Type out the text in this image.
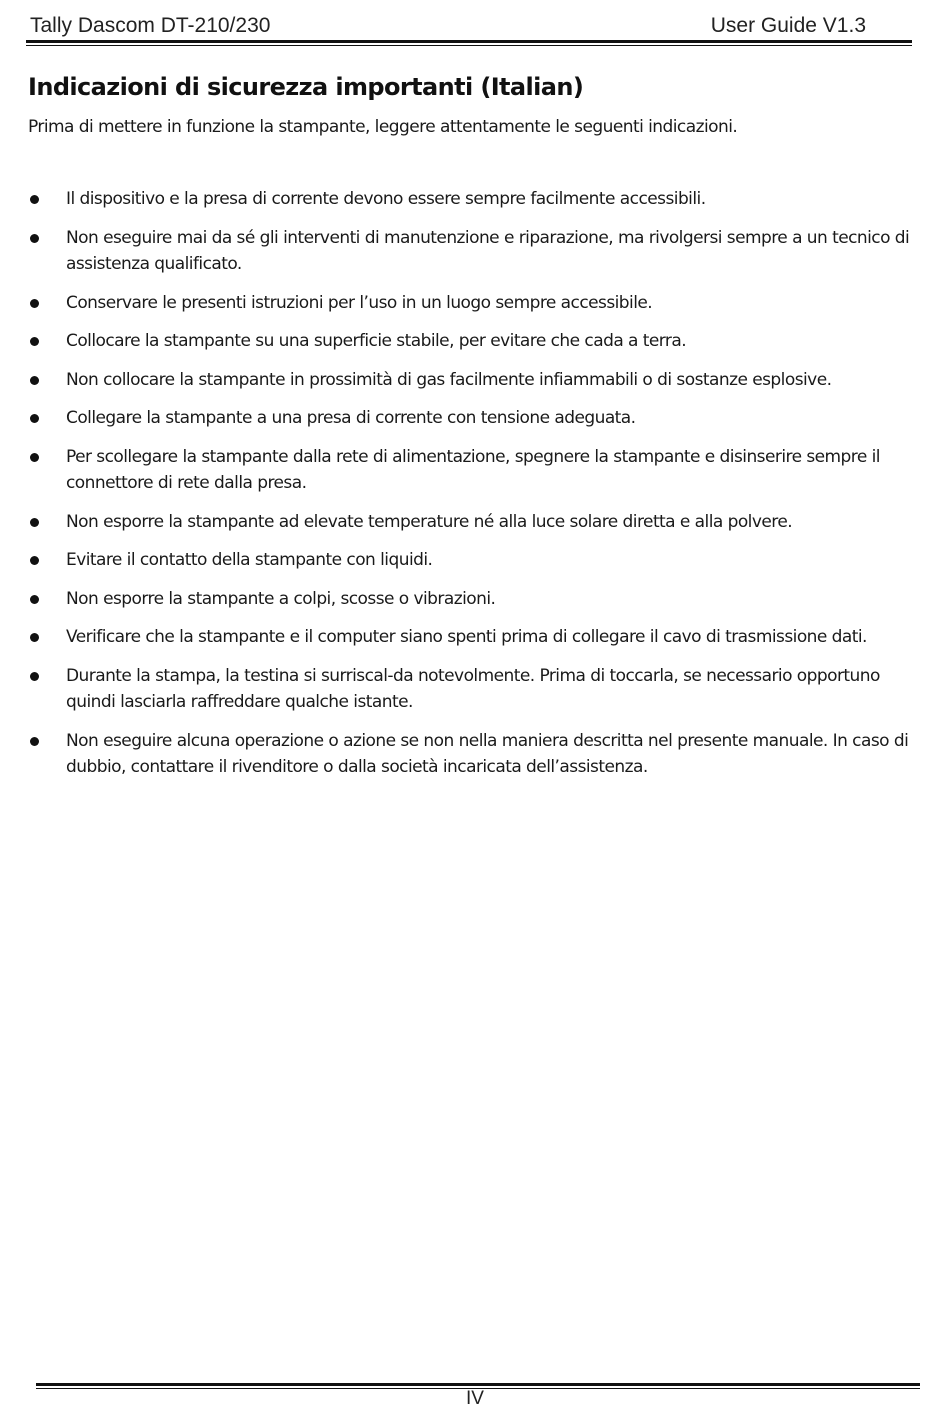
Tally Dascom DT-210/230	User Guide V1.3
Indicazioni di sicurezza importanti (Italian)

Prima di mettere in funzione la stampante, leggere attentamente le seguenti indicazioni.

Il dispositivo e la presa di corrente devono essere sempre facilmente accessibili.
Non eseguire mai da sé gli interventi di manutenzione e riparazione, ma rivolgersi sempre a un tecnico di assistenza qualificato.
Conservare le presenti istruzioni per l’uso in un luogo sempre accessibile.
Collocare la stampante su una superficie stabile, per evitare che cada a terra.
Non collocare la stampante in prossimità di gas facilmente infiammabili o di sostanze esplosive.
Collegare la stampante a una presa di corrente con tensione adeguata.
Per scollegare la stampante dalla rete di alimentazione, spegnere la stampante e disinserire sempre il connettore di rete dalla presa.
Non esporre la stampante ad elevate temperature né alla luce solare diretta e alla polvere.
Evitare il contatto della stampante con liquidi.
Non esporre la stampante a colpi, scosse o vibrazioni.
Verificare che la stampante e il computer siano spenti prima di collegare il cavo di trasmissione dati.
Durante la stampa, la testina si surriscal-da notevolmente. Prima di toccarla, se necessario opportuno quindi lasciarla raffreddare qualche istante.
Non eseguire alcuna operazione o azione se non nella maniera descritta nel presente manuale. In caso di dubbio, contattare il rivenditore o dalla società incaricata dell’assistenza.
IV
